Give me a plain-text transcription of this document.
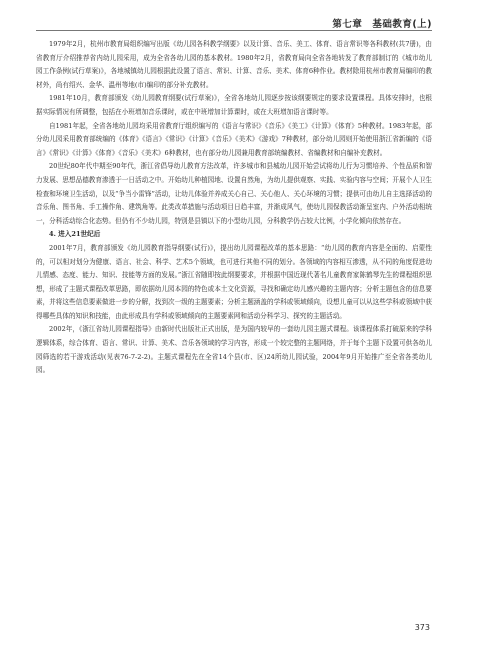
第七章　基础教育(上)

1979年2月，杭州市教育局组织编写出版《幼儿园各科教学纲要》以及计算、音乐、美工、体育、语言常识等各科教材(共7册)，由省教育厅介绍推荐省内幼儿园采用，成为全省各幼儿园的基本教材。1980年2月，省教育局向全省各地转发了教育部制订的《城市幼儿园工作条例(试行草案)》，各地城镇幼儿园根据此设置了语言、常识、计算、音乐、美术、体育6种作业。教材除用杭州市教育局编印的教材外，尚有绍兴、金华、温州等地(市)编印的部分补充教材。

1981年10月，教育部颁发《幼儿园教育纲要(试行草案)》，全省各地幼儿园逐步按该纲要规定的要求设置课程。具体安排时，也根据实际情况有所调整，包括在小班增加音乐课时，或在中班增加计算课时，或在大班增加语言课时等。

自1981年起，全省各地幼儿园均采用省教育厅组织编写的《语言与常识》《音乐》《美工》《计算》《体育》5种教材。1983年起，部分幼儿园采用教育部统编的《体育》《语言》《常识》《计算》《音乐》《美术》《游戏》7种教材，部分幼儿园则开始使用浙江省新编的《语言》《常识》《计算》《体育》《音乐》《美术》6种教材，也有部分幼儿园兼用教育部统编教材、省编教材和自编补充教材。

20世纪80年代中期至90年代，浙江省倡导幼儿教育方法改革，许多城市和县城幼儿园开始尝试将幼儿行为习惯培养、个性品质和智力发展、思想品德教育渗透于一日活动之中。开始幼儿种植园地、设置自然角，为幼儿提供观察、实践、实验内容与空间；开展个人卫生检查和环境卫生活动，以及“争当小雷锋”活动，让幼儿体验并养成关心自己、关心他人、关心环境的习惯；提供可由幼儿自主选择活动的音乐角、图书角、手工操作角、建筑角等。此类改革措施与活动项目日趋丰富，并渐成风气，使幼儿园保教活动渐呈室内、户外活动相统一，分科活动综合化态势。但仍有不少幼儿园，特别是县镇以下的小型幼儿园，分科教学仍占较大比例，小学化倾向依然存在。

4. 进入21世纪后

2001年7月，教育部颁发《幼儿园教育指导纲要(试行)》，提出幼儿园课程改革的基本思路：“幼儿园的教育内容是全面的、启蒙性的，可以相对划分为健康、语言、社会、科学、艺术5个领域，也可进行其他不同的划分。各领域的内容相互渗透，从不同的角度促进幼儿情感、态度、能力、知识、技能等方面的发展。”浙江省随即按此纲要要求，并根据中国近现代著名儿童教育家陈鹤琴先生的课程组织思想，形成了主题式课程改革思路，即依据幼儿园本园的特色或本土文化资源，寻找和确定幼儿感兴趣的主题内容；分析主题包含的信息要素，并将这些信息要素做进一步的分解，找到次一级的主题要素；分析主题涵盖的学科或领域倾向，设想儿童可以从这些学科或领域中获得哪些具体的知识和技能，由此形成具有学科或领域倾向的主题要素网和活动分科学习、探究的主题活动。

2002年，《浙江省幼儿园课程指导》由新时代出版社正式出版，是为国内较早的一套幼儿园主题式课程。该课程体系打破原来的学科逻辑体系，综合体育、语言、常识、计算、美术、音乐各领域的学习内容，形成一个较完整的主题网络，并于每个主题下设置可供各幼儿园筛选的若干游戏活动(见表76-7-2-2)。主题式课程先在全省14个县(市、区)24所幼儿园试验，2004年9月开始推广至全省各类幼儿园。

373
